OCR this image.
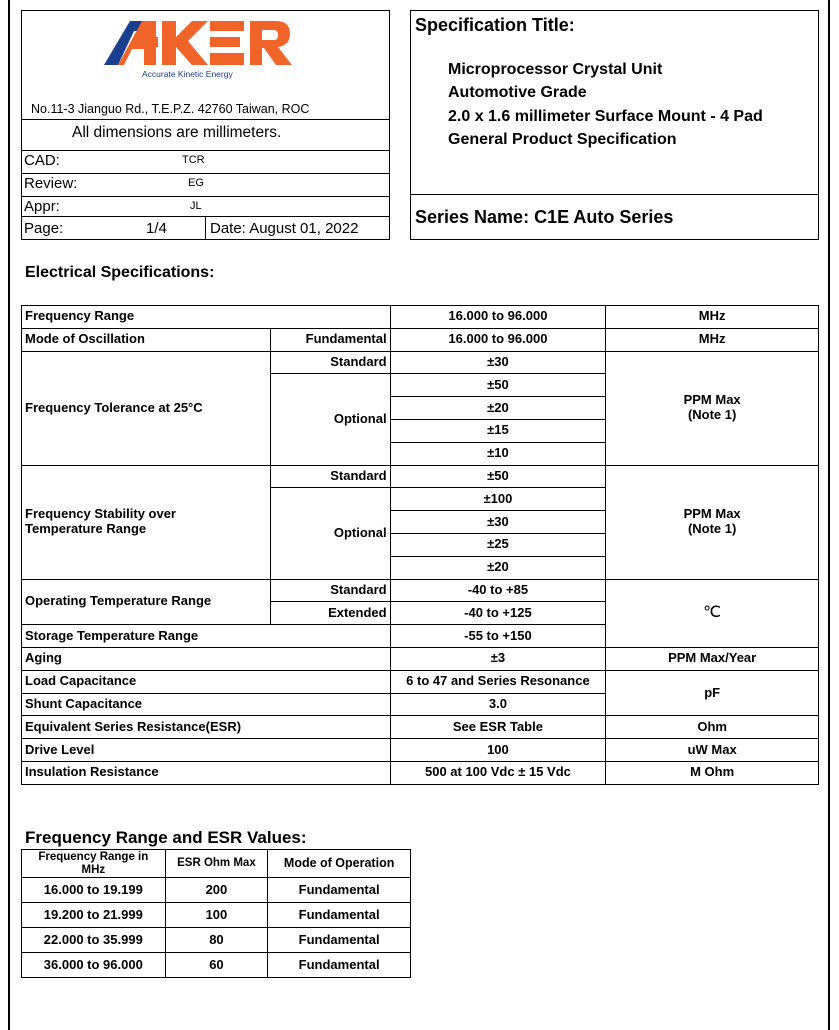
Accurate Kinetic Energy
No.11-3 Jianguo Rd., T.E.P.Z. 42760 Taiwan, ROC
All dimensions are millimeters.
CAD:	TCR
Review:	EG
Appr:	JL
Page:	1/4	Date: August 01, 2022
Specification Title:
Microprocessor Crystal Unit
Automotive Grade
2.0 x 1.6 millimeter Surface Mount - 4 Pad
General Product Specification
Series Name: C1E Auto Series
Electrical Specifications:
Frequency Range		16.000 to 96.000	MHz
Mode of Oscillation	Fundamental	16.000 to 96.000	MHz
Frequency Tolerance at 25°C	Standard	±30	PPM Max
(Note 1)
	Optional	±50	
		±20	
		±15	
		±10	
Frequency Stability over
Temperature Range	Standard	±50	PPM Max
(Note 1)
	Optional	±100	
		±30	
		±25	
		±20	
Operating Temperature Range	Standard	-40 to +85	℃
	Extended	-40 to +125	
Storage Temperature Range		-55 to +150	
Aging		±3	PPM Max/Year
Load Capacitance		6 to 47 and Series Resonance	pF
Shunt Capacitance		3.0	
Equivalent Series Resistance(ESR)		See ESR Table	Ohm
Drive Level		100	uW Max
Insulation Resistance		500 at 100 Vdc ± 15 Vdc	M Ohm
Frequency Range and ESR Values:
Frequency Range in MHz	ESR Ohm Max	Mode of Operation
16.000 to 19.199	200	Fundamental
19.200 to 21.999	100	Fundamental
22.000 to 35.999	80	Fundamental
36.000 to 96.000	60	Fundamental
